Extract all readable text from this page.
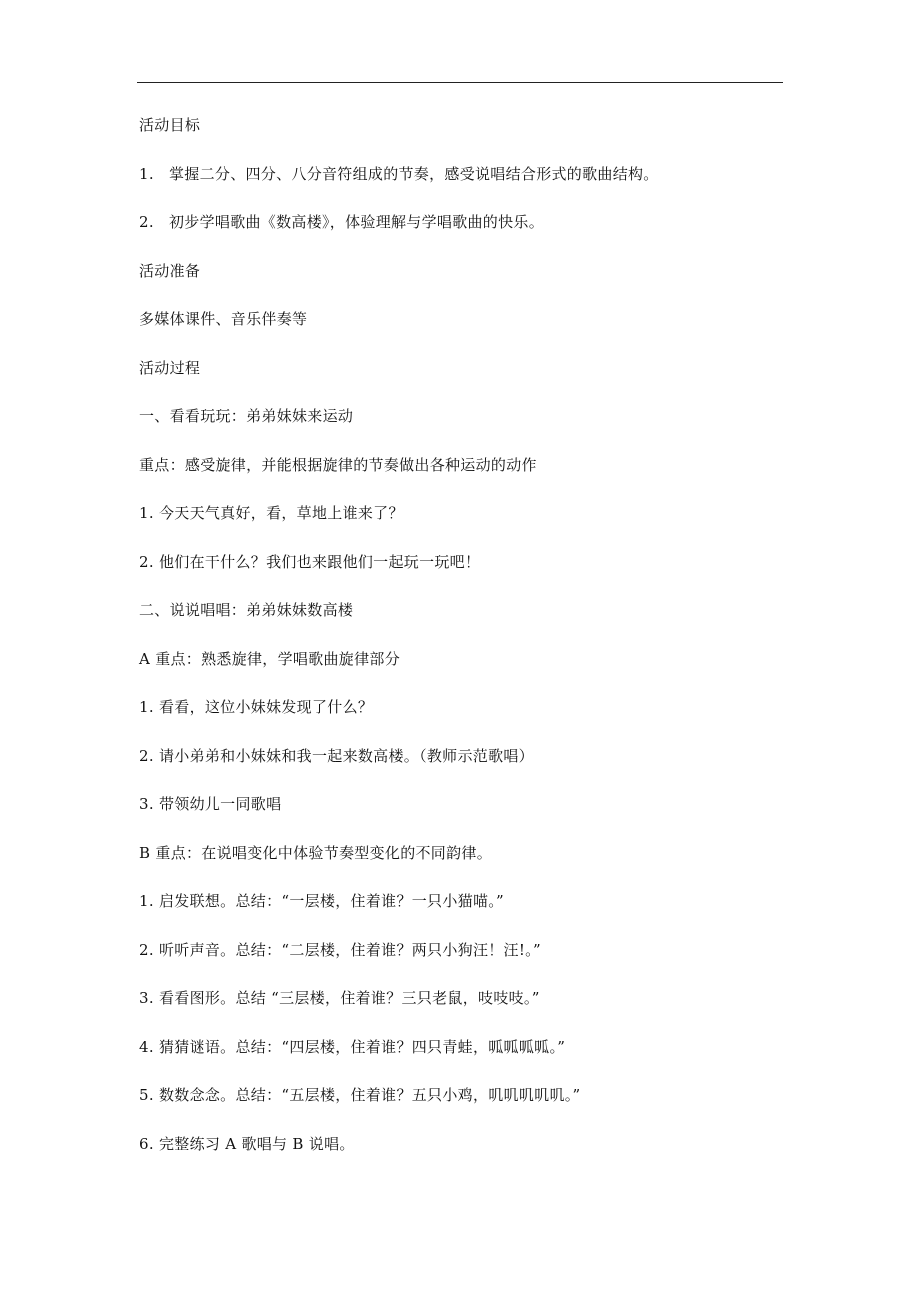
活动目标
1. 掌握二分、四分、八分音符组成的节奏，感受说唱结合形式的歌曲结构。
2. 初步学唱歌曲《数高楼》，体验理解与学唱歌曲的快乐。
活动准备
多媒体课件、音乐伴奏等
活动过程
一、看看玩玩：弟弟妹妹来运动
重点：感受旋律，并能根据旋律的节奏做出各种运动的动作
1. 今天天气真好，看，草地上谁来了？
2. 他们在干什么？我们也来跟他们一起玩一玩吧！
二、说说唱唱：弟弟妹妹数高楼
A 重点：熟悉旋律，学唱歌曲旋律部分
1. 看看，这位小妹妹发现了什么？
2. 请小弟弟和小妹妹和我一起来数高楼。（教师示范歌唱）
3. 带领幼儿一同歌唱
B 重点：在说唱变化中体验节奏型变化的不同韵律。
1. 启发联想。总结：“一层楼，住着谁？一只小猫喵。”
2. 听听声音。总结：“二层楼，住着谁？两只小狗汪！汪!。”
3. 看看图形。总结 “三层楼，住着谁？三只老鼠，吱吱吱。”
4. 猜猜谜语。总结：“四层楼，住着谁？四只青蛙，呱呱呱呱。”
5. 数数念念。总结：“五层楼，住着谁？五只小鸡，叽叽叽叽叽。”
6. 完整练习 A 歌唱与 B 说唱。
